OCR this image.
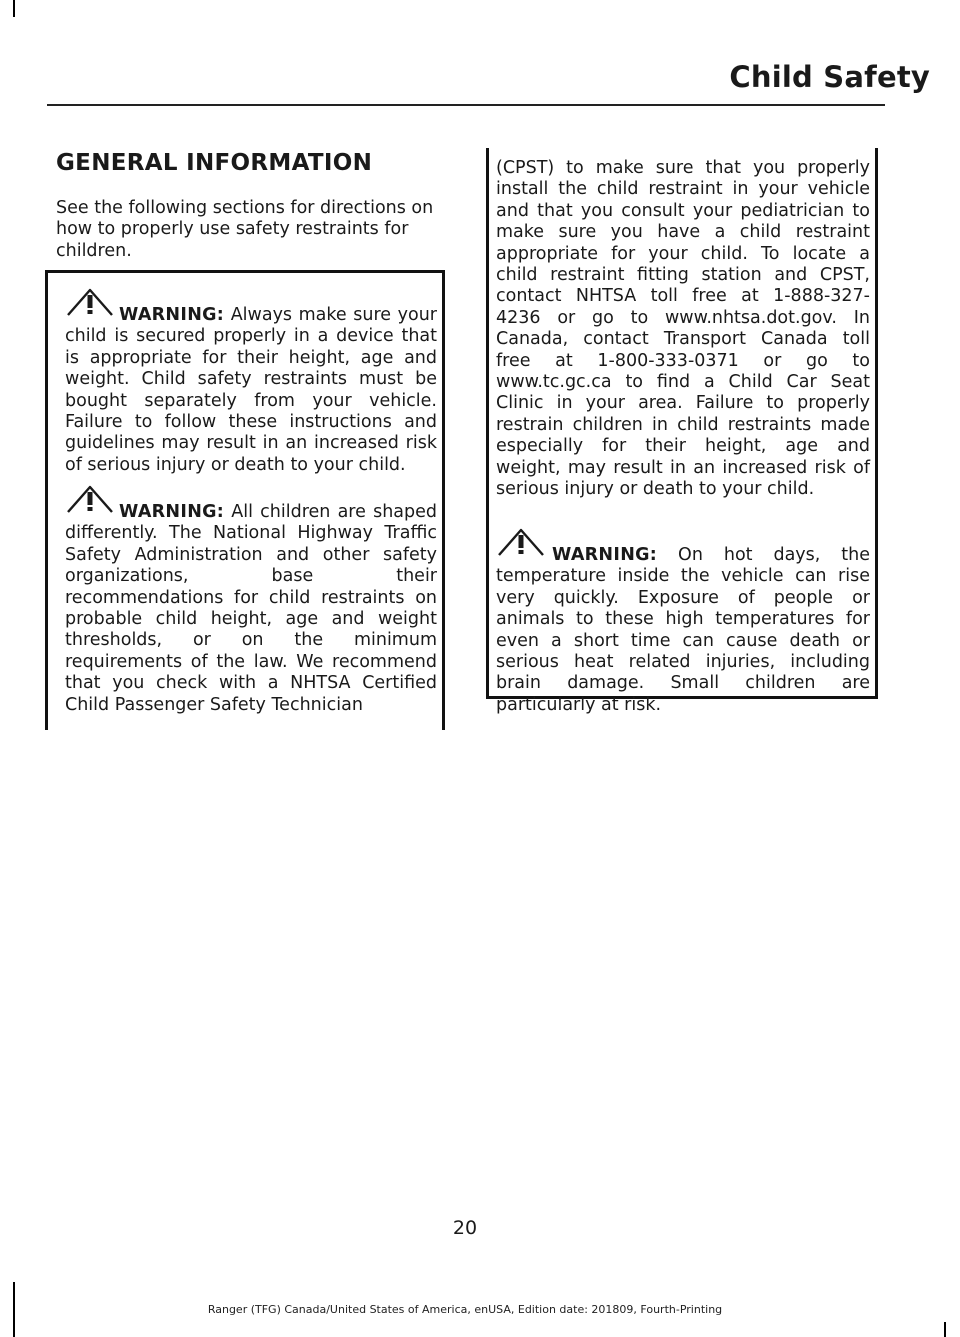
Child Safety
GENERAL INFORMATION

See the following sections for directions on how to properly use safety restraints for children.

WARNING: Always make sure your child is secured properly in a device that is appropriate for their height, age and weight. Child safety restraints must be bought separately from your vehicle. Failure to follow these instructions and guidelines may result in an increased risk of serious injury or death to your child.

WARNING: All children are shaped differently. The National Highway Traffic Safety Administration and other safety organizations, base their recommendations for child restraints on probable child height, age and weight thresholds, or on the minimum requirements of the law. We recommend that you check with a NHTSA Certified Child Passenger Safety Technician

(CPST) to make sure that you properly install the child restraint in your vehicle and that you consult your pediatrician to make sure you have a child restraint appropriate for your child. To locate a child restraint fitting station and CPST, contact NHTSA toll free at 1-888-327-4236 or go to www.nhtsa.dot.gov. In Canada, contact Transport Canada toll free at 1-800-333-0371 or go to www.tc.gc.ca to find a Child Car Seat Clinic in your area. Failure to properly restrain children in child restraints made especially for their height, age and weight, may result in an increased risk of serious injury or death to your child.

WARNING: On hot days, the temperature inside the vehicle can rise very quickly. Exposure of people or animals to these high temperatures for even a short time can cause death or serious heat related injuries, including brain damage. Small children are particularly at risk.

20
Ranger (TFG) Canada/United States of America, enUSA, Edition date: 201809, Fourth-Printing
